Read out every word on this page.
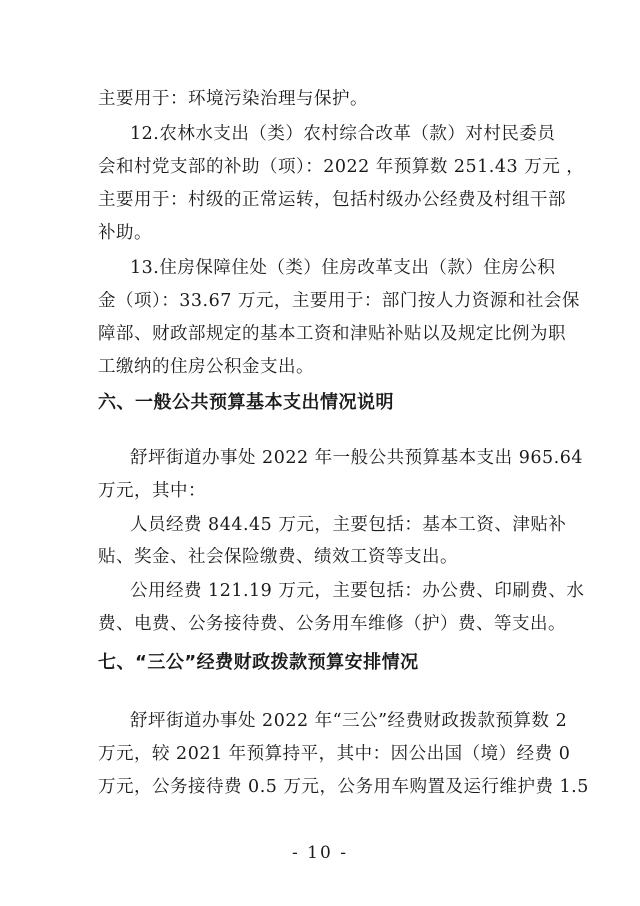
主要用于：环境污染治理与保护。
12.农林水支出（类）农村综合改革（款）对村民委员
会和村党支部的补助（项）：2022 年预算数 251.43 万元 ，
主要用于：村级的正常运转，包括村级办公经费及村组干部
补助。
13.住房保障住处（类）住房改革支出（款）住房公积
金（项）：33.67 万元，主要用于：部门按人力资源和社会保
障部、财政部规定的基本工资和津贴补贴以及规定比例为职
工缴纳的住房公积金支出。
六、一般公共预算基本支出情况说明
舒坪街道办事处 2022 年一般公共预算基本支出 965.64
万元，其中：
人员经费 844.45 万元，主要包括：基本工资、津贴补
贴、奖金、社会保险缴费、绩效工资等支出。
公用经费 121.19 万元，主要包括：办公费、印刷费、水
费、电费、公务接待费、公务用车维修（护）费、等支出。
七、“三公”经费财政拨款预算安排情况
舒坪街道办事处 2022 年“三公”经费财政拨款预算数 2
万元，较 2021 年预算持平，其中：因公出国（境）经费 0
万元，公务接待费 0.5 万元，公务用车购置及运行维护费 1.5
- 10 -
